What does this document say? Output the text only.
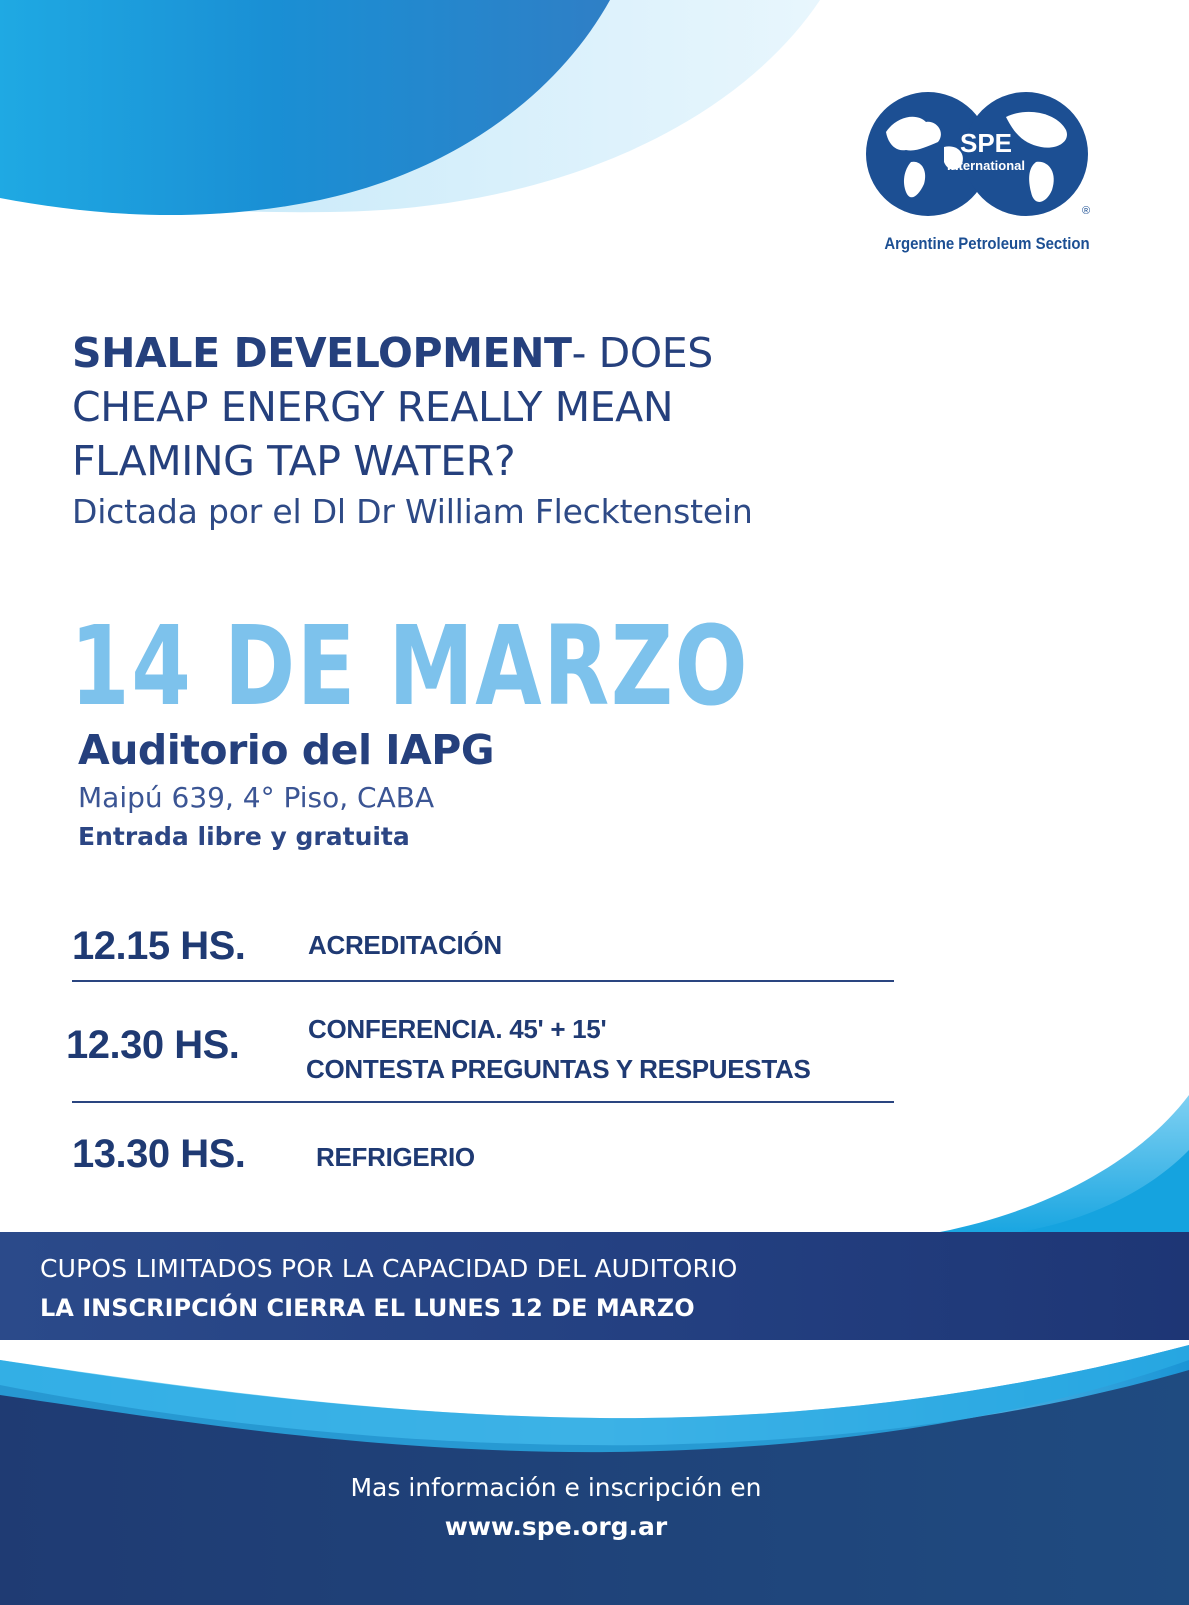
SPE
International
®
Argentine Petroleum Section
SHALE DEVELOPMENT- DOES
CHEAP ENERGY REALLY MEAN
FLAMING TAP WATER?
Dictada por el Dl Dr William Flecktenstein
14 DE MARZO
Auditorio del IAPG
Maipú 639, 4° Piso, CABA
Entrada libre y gratuita
12.15 HS. ACREDITACIÓN
12.30 HS.	CONFERENCIA. 45' + 15'
CONTESTA PREGUNTAS Y RESPUESTAS
13.30 HS.	REFRIGERIO
CUPOS LIMITADOS POR LA CAPACIDAD DEL AUDITORIO
LA INSCRIPCIÓN CIERRA EL LUNES 12 DE MARZO
Mas información e inscripción en
www.spe.org.ar
